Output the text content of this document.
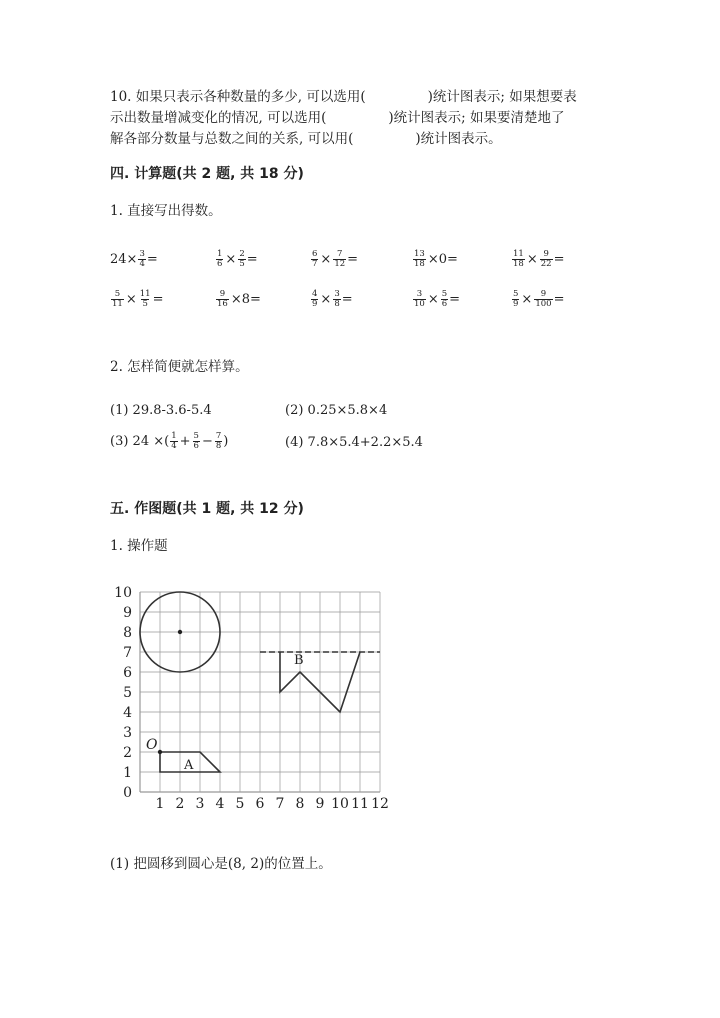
10. 如果只表示各种数量的多少, 可以选用(	)统计图表示; 如果想要表
示出数量增减变化的情况, 可以选用(	)统计图表示; 如果要清楚地了
解各部分数量与总数之间的关系, 可以用(	)统计图表示。
四. 计算题(共 2 题, 共 18 分)
1. 直接写出得数。
$24\times \frac{3}{4}$ =	$\frac{1}{6} \times \frac{2}{5}$ =	$\frac{6}{7} \times \frac{7}{12}$ =	$\frac{13}{18} \times 0=$	$\frac{11}{18} \times \frac{9}{22}$ =
$\frac{5}{11} \times \frac{11}{5}$ =	$\frac{9}{16} \times 8=$	$\frac{4}{9} \times \frac{3}{8}$ =	$\frac{3}{10} \times \frac{5}{6}$ =	$\frac{5}{9} \times \frac{9}{100}$ =
2. 怎样简便就怎样算。
(1) 29.8-3.6-5.4	(2) 0.25×5.8×4
(3) 24 ×( $\frac{1}{4} + \frac{5}{6} - \frac{7}{8}$ )	(4) 7.8×5.4+2.2×5.4
五. 作图题(共 1 题, 共 12 分)
1. 操作题
1 2 3 4 5 6 7 8 9 10 11 12
0
1
2
3
4
5
6
7
8
9
10
O
A
B
(1) 把圆移到圆心是(8, 2)的位置上。
